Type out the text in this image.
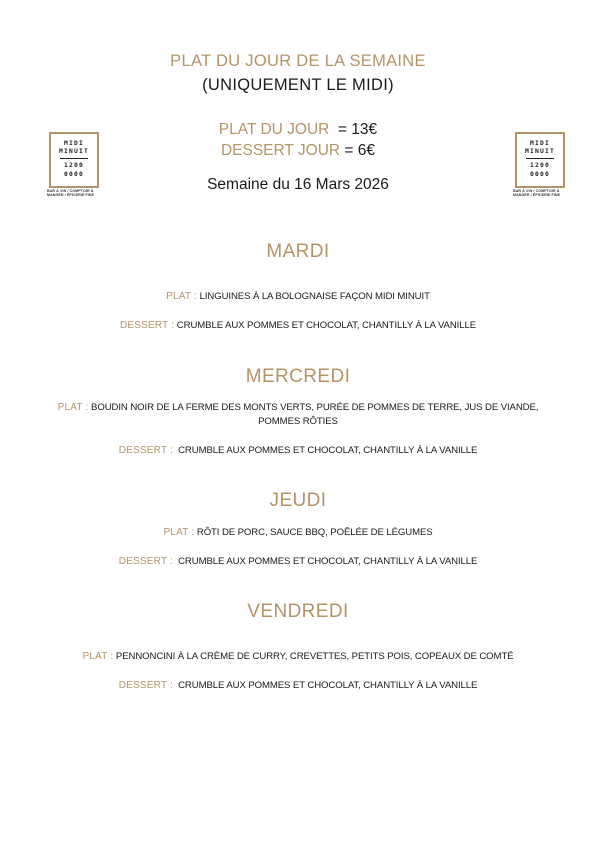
PLAT DU JOUR DE LA SEMAINE
(UNIQUEMENT LE MIDI)
PLAT DU JOUR = 13€
DESSERT JOUR = 6€
Semaine du 16 Mars 2026
MIDI
MINUIT
1200
0000
BAR À VIN / COMPTOIR À
MANGER / ÉPICERIE FINE
MIDI
MINUIT
1200
0000
BAR À VIN / COMPTOIR À
MANGER / ÉPICERIE FINE
MARDI
PLAT : LINGUINES À LA BOLOGNAISE FAÇON MIDI MINUIT
DESSERT : CRUMBLE AUX POMMES ET CHOCOLAT, CHANTILLY À LA VANILLE
MERCREDI
PLAT : BOUDIN NOIR DE LA FERME DES MONTS VERTS, PURÉE DE POMMES DE TERRE, JUS DE VIANDE,
POMMES RÔTIES
DESSERT : CRUMBLE AUX POMMES ET CHOCOLAT, CHANTILLY À LA VANILLE
JEUDI
PLAT : RÔTI DE PORC, SAUCE BBQ, POÊLÉE DE LÉGUMES
DESSERT : CRUMBLE AUX POMMES ET CHOCOLAT, CHANTILLY À LA VANILLE
VENDREDI
PLAT : PENNONCINI À LA CRÈME DE CURRY, CREVETTES, PETITS POIS, COPEAUX DE COMTÉ
DESSERT : CRUMBLE AUX POMMES ET CHOCOLAT, CHANTILLY À LA VANILLE
